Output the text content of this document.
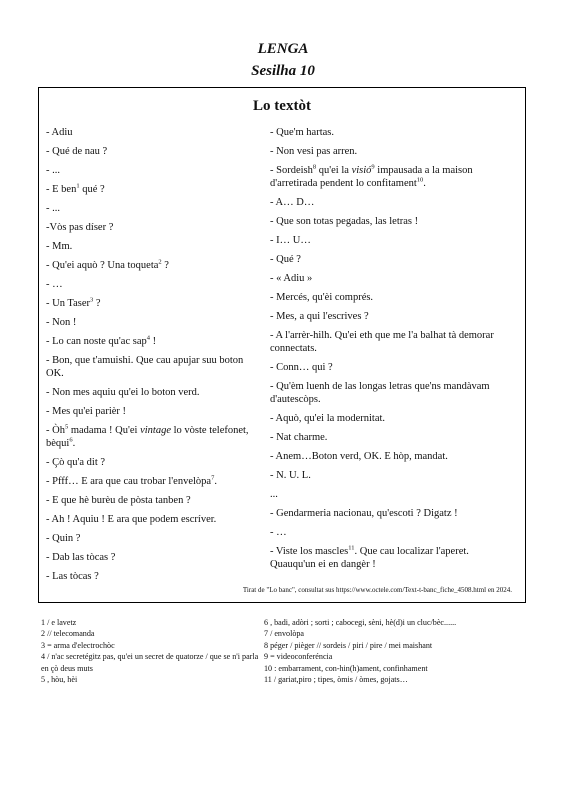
LENGA
Sesilha 10
Lo textòt
- Adiu
- Qué de nau ?
- ...
- E ben$^1$ qué ?
- ...
-Vòs pas díser ?
- Mm.
- Qu'ei aquò ? Una toqueta$^2$ ?
- …
- Un Taser$^3$ ?
- Non !
- Lo can noste qu'ac sap$^4$ !
- Bon, que t'amuishi. Que cau apujar suu boton OK.
- Non mes aquiu qu'ei lo boton verd.
- Mes qu'ei parièr !
- $Òh^5$ madama ! Qu'ei vintage lo vòste telefonet, bèqui$^6$.
- Çò qu'a dit ?
- Pfff… E ara que cau trobar l'envelòpa$^7$.
- E que hè burèu de pòsta tanben ?
- Ah ! Aquiu ! E ara que podem escríver.
- Quin ?
- Dab las tòcas ?
- Las tòcas ?
- Que'm hartas.
- Non vesi pas arren.
- Sordeish$^8$ qu'ei la visió$^9$ impausada a la maison d'arretirada pendent lo confitament$^{10}$.
- A… D…
- Que son totas pegadas, las letras !
- I… U…
- Qué ?
- « Adiu »
- Mercés, qu'èi comprés.
- Mes, a qui l'escrives ?
- A l'arrèr-hilh. Qu'ei eth que me l'a balhat tà demorar connectats.
- Conn… qui ?
- Qu'èm luenh de las longas letras que'ns mandàvam d'autescòps.
- Aquò, qu'ei la modernitat.
- Nat charme.
- Anem…Boton verd, OK. E hòp, mandat.
- N. U. L.
...
- Gendarmeria nacionau, qu'escoti ? Digatz !
- …
- Viste los mascles$^{11}$. Que cau localizar l'aperet. Quauqu'un ei en dangèr !
Tirat de "Lo banc", consultat sus https://www.octele.com/Text-t-banc_fiche_4508.html en 2024.
1 / e lavetz
2 // telecomanda
3 = arma d'electrochòc
4 / n'ac secretégitz pas, qu'ei un secret de quatorze / que se n'i parla en çò deus muts
5 , hòu, hèi
6 , badi, adòri ; sorti ; cabocegi, sèni, hè(d)i un cluc/bèc......
7 / envolòpa
8 péger / pièger // sordeis / piri / pire / mei maishant
9 = videoconferéncia
10 : embarrament, con-hin(h)ament, confinhament
11 / gariat,piro ; tipes, òmis / òmes, gojats…
